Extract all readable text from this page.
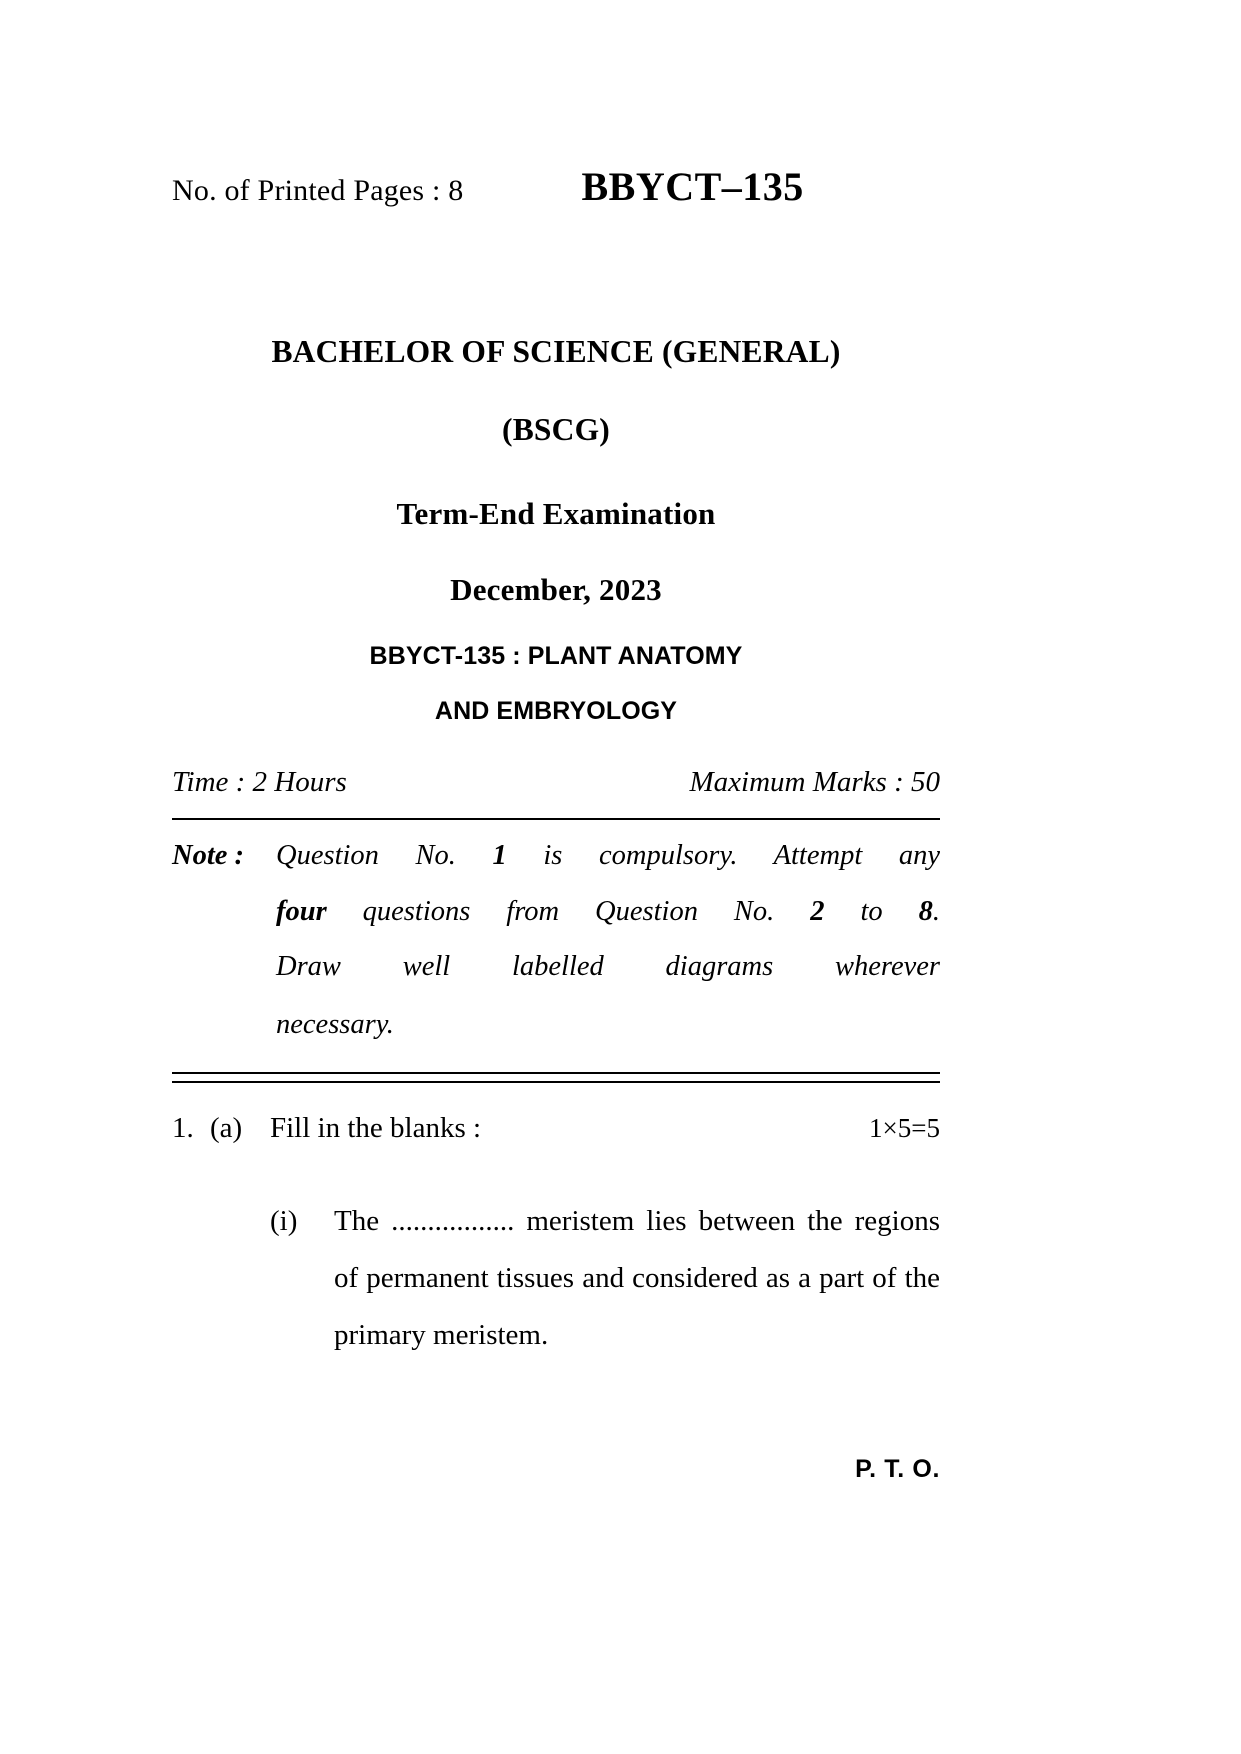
No. of Printed Pages : 8	BBYCT–135
BACHELOR OF SCIENCE (GENERAL)
(BSCG)
Term-End Examination
December, 2023
BBYCT-135 : PLANT ANATOMY
AND EMBRYOLOGY
Time : 2 Hours	Maximum Marks : 50
Note :	Question No. 1 is compulsory. Attempt any
four questions from Question No. 2 to 8.
Draw well labelled diagrams wherever
necessary.
1. (a) Fill in the blanks :	1×5=5
(i)	The ................. meristem lies between the regions of permanent tissues and considered as a part of the primary meristem.
P. T. O.
